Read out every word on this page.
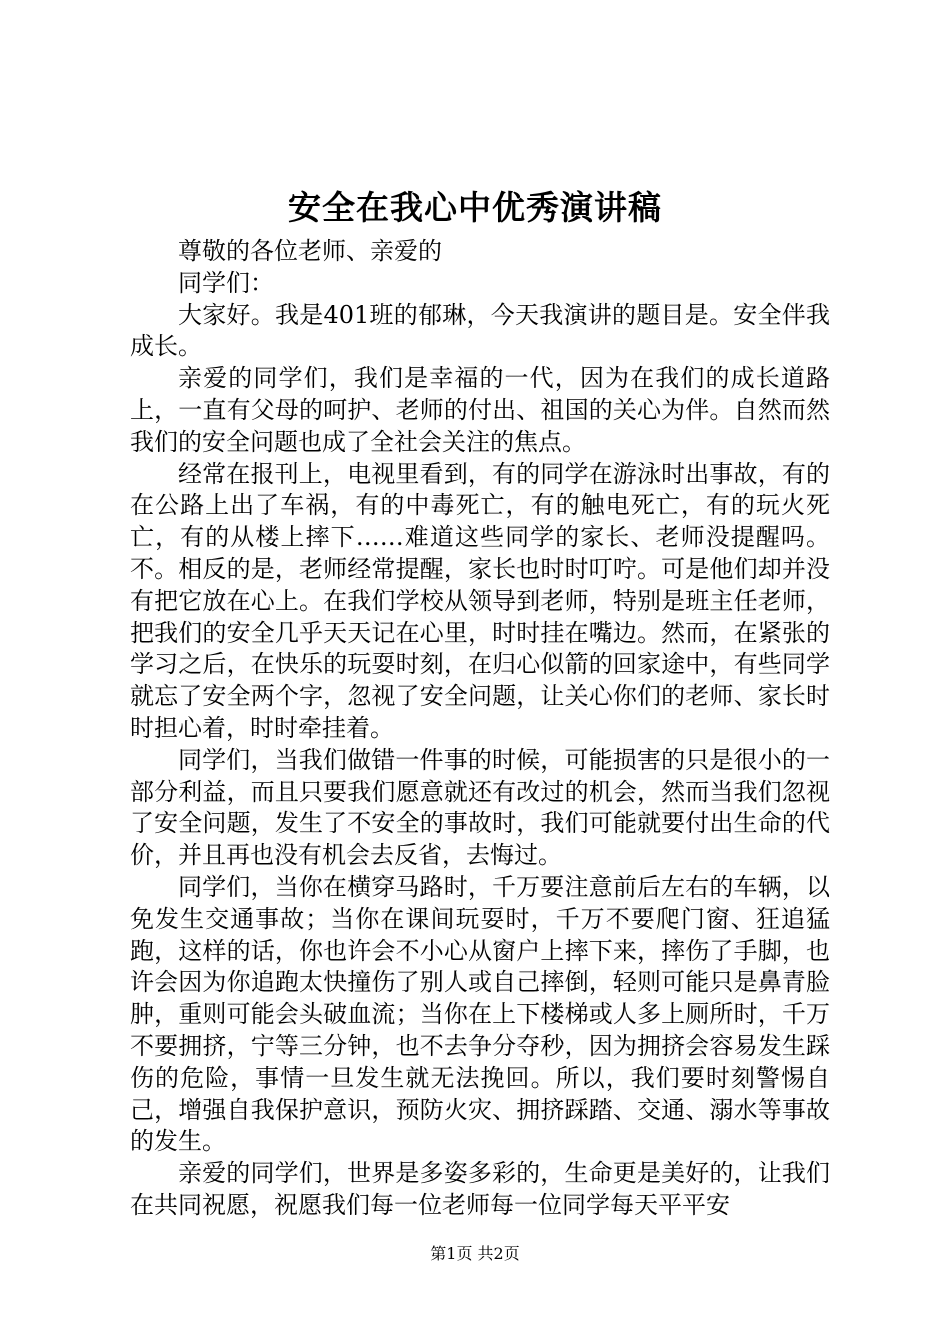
安全在我心中优秀演讲稿

尊敬的各位老师、亲爱的

同学们：

大家好。我是401班的郁琳，今天我演讲的题目是。安全伴我成长。

亲爱的同学们，我们是幸福的一代，因为在我们的成长道路上，一直有父母的呵护、老师的付出、祖国的关心为伴。自然而然我们的安全问题也成了全社会关注的焦点。

经常在报刊上，电视里看到，有的同学在游泳时出事故，有的在公路上出了车祸，有的中毒死亡，有的触电死亡，有的玩火死亡，有的从楼上摔下……难道这些同学的家长、老师没提醒吗。不。相反的是，老师经常提醒，家长也时时叮咛。可是他们却并没有把它放在心上。在我们学校从领导到老师，特别是班主任老师，把我们的安全几乎天天记在心里，时时挂在嘴边。然而，在紧张的学习之后，在快乐的玩耍时刻，在归心似箭的回家途中，有些同学就忘了安全两个字，忽视了安全问题，让关心你们的老师、家长时时担心着，时时牵挂着。

同学们，当我们做错一件事的时候，可能损害的只是很小的一部分利益，而且只要我们愿意就还有改过的机会，然而当我们忽视了安全问题，发生了不安全的事故时，我们可能就要付出生命的代价，并且再也没有机会去反省，去悔过。

同学们，当你在横穿马路时，千万要注意前后左右的车辆，以免发生交通事故；当你在课间玩耍时，千万不要爬门窗、狂追猛跑，这样的话，你也许会不小心从窗户上摔下来，摔伤了手脚，也许会因为你追跑太快撞伤了别人或自己摔倒，轻则可能只是鼻青脸肿，重则可能会头破血流；当你在上下楼梯或人多上厕所时，千万不要拥挤，宁等三分钟，也不去争分夺秒，因为拥挤会容易发生踩伤的危险，事情一旦发生就无法挽回。所以，我们要时刻警惕自己，增强自我保护意识，预防火灾、拥挤踩踏、交通、溺水等事故的发生。

亲爱的同学们，世界是多姿多彩的，生命更是美好的，让我们在共同祝愿，祝愿我们每一位老师每一位同学每天平平安

第1页 共2页
